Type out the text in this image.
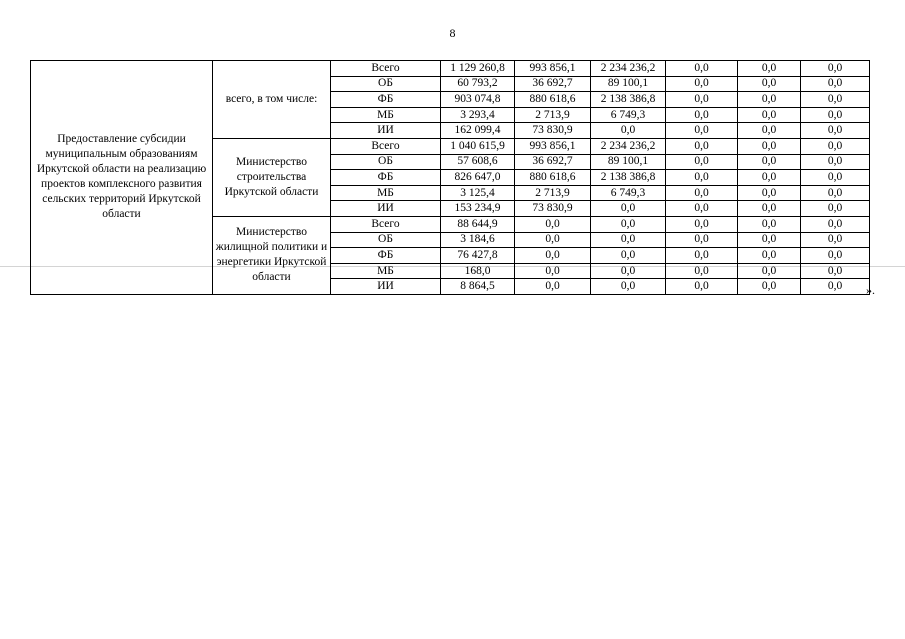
8
Предоставление субсидии муниципальным образованиям Иркутской области на реализацию проектов комплексного развития сельских территорий Иркутской области	всего, в том числе:	Всего	1 129 260,8	993 856,1	2 234 236,2	0,0	0,0	0,0
		ОБ	60 793,2	36 692,7	89 100,1	0,0	0,0	0,0
		ФБ	903 074,8	880 618,6	2 138 386,8	0,0	0,0	0,0
		МБ	3 293,4	2 713,9	6 749,3	0,0	0,0	0,0
		ИИ	162 099,4	73 830,9	0,0	0,0	0,0	0,0
	Министерство строительства Иркутской области	Всего	1 040 615,9	993 856,1	2 234 236,2	0,0	0,0	0,0
		ОБ	57 608,6	36 692,7	89 100,1	0,0	0,0	0,0
		ФБ	826 647,0	880 618,6	2 138 386,8	0,0	0,0	0,0
		МБ	3 125,4	2 713,9	6 749,3	0,0	0,0	0,0
		ИИ	153 234,9	73 830,9	0,0	0,0	0,0	0,0
	Министерство жилищной политики и энергетики Иркутской области	Всего	88 644,9	0,0	0,0	0,0	0,0	0,0
		ОБ	3 184,6	0,0	0,0	0,0	0,0	0,0
		ФБ	76 427,8	0,0	0,0	0,0	0,0	0,0
		МБ	168,0	0,0	0,0	0,0	0,0	0,0
		ИИ	8 864,5	0,0	0,0	0,0	0,0	0,0 ».
